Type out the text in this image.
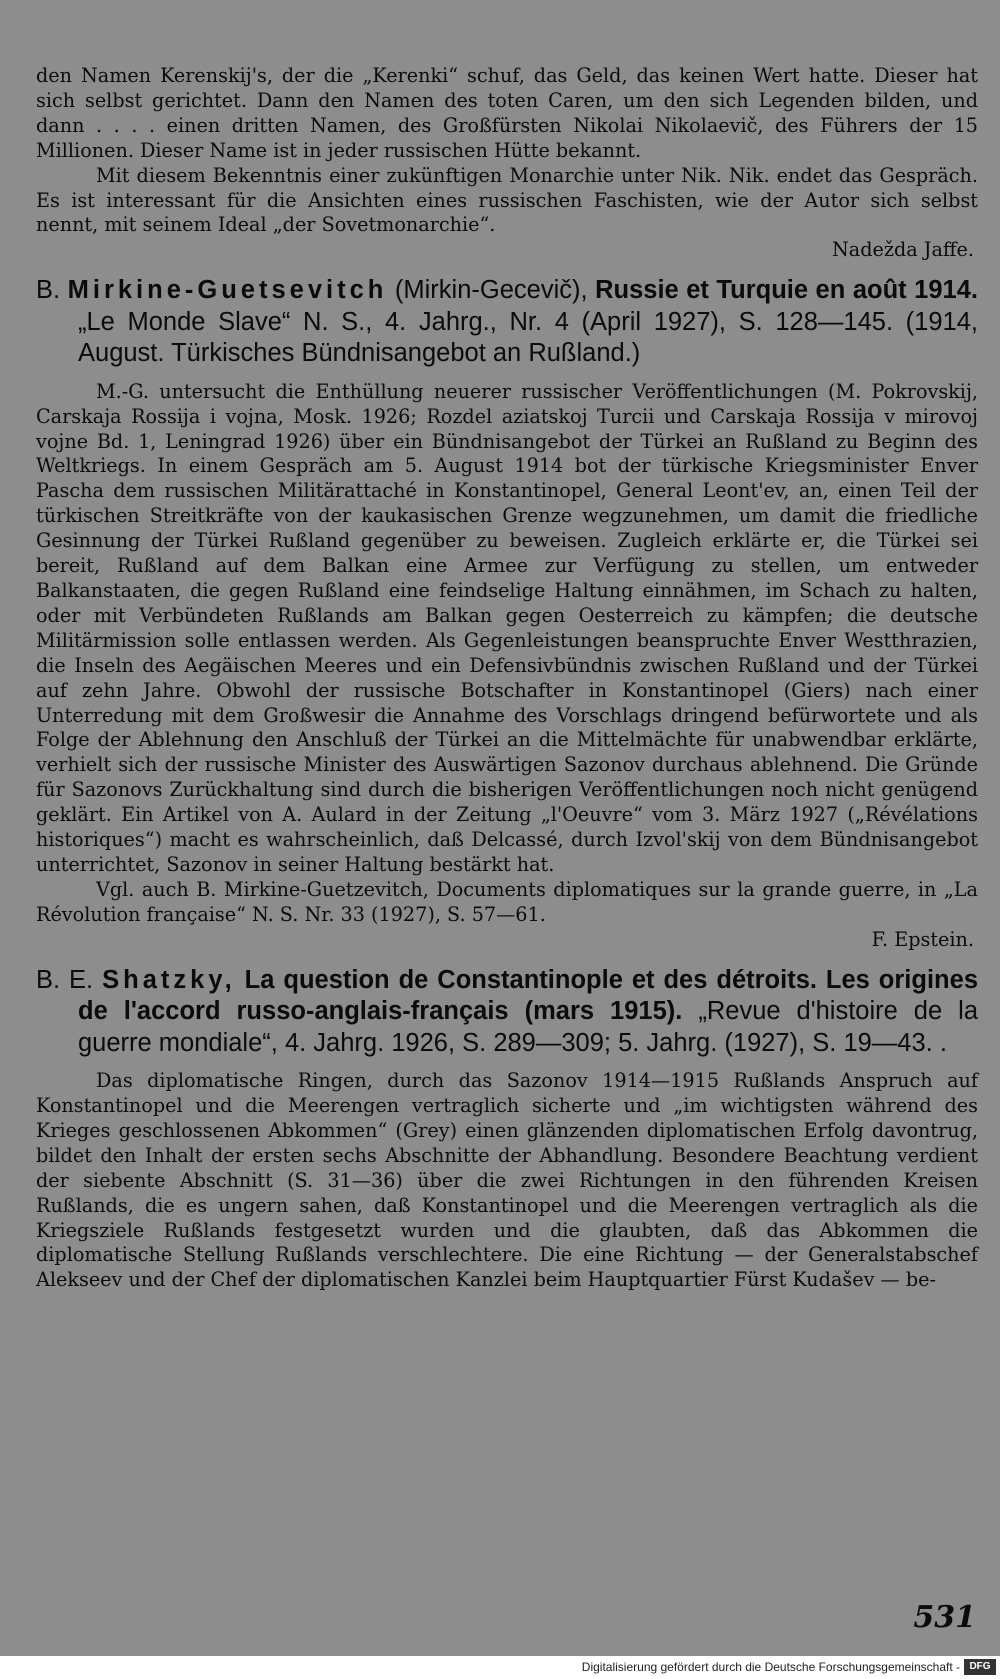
den Namen Kerenskij's, der die „Kerenki“ schuf, das Geld, das keinen Wert hatte. Dieser hat sich selbst gerichtet. Dann den Namen des toten Caren, um den sich Legenden bilden, und dann . . . . einen dritten Namen, des Großfürsten Nikolai Nikolaevič, des Führers der 15 Millionen. Dieser Name ist in jeder russischen Hütte bekannt.

Mit diesem Bekenntnis einer zukünftigen Monarchie unter Nik. Nik. endet das Gespräch. Es ist interessant für die Ansichten eines russischen Faschisten, wie der Autor sich selbst nennt, mit seinem Ideal „der Sovetmonarchie“.

Nadežda Jaffe.

B. Mirkine-Guetsevitch (Mirkin-Gecevič), Russie et Turquie en août 1914. „Le Monde Slave“ N. S., 4. Jahrg., Nr. 4 (April 1927), S. 128—145. (1914, August. Türkisches Bündnisangebot an Rußland.)

M.-G. untersucht die Enthüllung neuerer russischer Veröffentlichungen (M. Pokrovskij, Carskaja Rossija i vojna, Mosk. 1926; Rozdel aziatskoj Turcii und Carskaja Rossija v mirovoj vojne Bd. 1, Leningrad 1926) über ein Bündnisangebot der Türkei an Rußland zu Beginn des Weltkriegs. In einem Gespräch am 5. August 1914 bot der türkische Kriegsminister Enver Pascha dem russischen Militärattaché in Konstantinopel, General Leont'ev, an, einen Teil der türkischen Streitkräfte von der kaukasischen Grenze wegzunehmen, um damit die friedliche Gesinnung der Türkei Rußland gegenüber zu beweisen. Zugleich erklärte er, die Türkei sei bereit, Rußland auf dem Balkan eine Armee zur Verfügung zu stellen, um entweder Balkanstaaten, die gegen Rußland eine feindselige Haltung einnähmen, im Schach zu halten, oder mit Verbündeten Rußlands am Balkan gegen Oesterreich zu kämpfen; die deutsche Militärmission solle entlassen werden. Als Gegenleistungen beanspruchte Enver Westthrazien, die Inseln des Aegäischen Meeres und ein Defensivbündnis zwischen Rußland und der Türkei auf zehn Jahre. Obwohl der russische Botschafter in Konstantinopel (Giers) nach einer Unterredung mit dem Großwesir die Annahme des Vorschlags dringend befürwortete und als Folge der Ablehnung den Anschluß der Türkei an die Mittelmächte für unabwendbar erklärte, verhielt sich der russische Minister des Auswärtigen Sazonov durchaus ablehnend. Die Gründe für Sazonovs Zurückhaltung sind durch die bisherigen Veröffentlichungen noch nicht genügend geklärt. Ein Artikel von A. Aulard in der Zeitung „l'Oeuvre“ vom 3. März 1927 („Révélations historiques“) macht es wahrscheinlich, daß Delcassé, durch Izvol'skij von dem Bündnisangebot unterrichtet, Sazonov in seiner Haltung bestärkt hat.

Vgl. auch B. Mirkine-Guetzevitch, Documents diplomatiques sur la grande guerre, in „La Révolution française“ N. S. Nr. 33 (1927), S. 57—61.

F. Epstein.

B. E. Shatzky, La question de Constantinople et des détroits. Les origines de l'accord russo-anglais-français (mars 1915). „Revue d'histoire de la guerre mondiale“, 4. Jahrg. 1926, S. 289—309; 5. Jahrg. (1927), S. 19—43. .

Das diplomatische Ringen, durch das Sazonov 1914—1915 Rußlands Anspruch auf Konstantinopel und die Meerengen vertraglich sicherte und „im wichtigsten während des Krieges geschlossenen Abkommen“ (Grey) einen glänzenden diplomatischen Erfolg davontrug, bildet den Inhalt der ersten sechs Abschnitte der Abhandlung. Besondere Beachtung verdient der siebente Abschnitt (S. 31—36) über die zwei Richtungen in den führenden Kreisen Rußlands, die es ungern sahen, daß Konstantinopel und die Meerengen vertraglich als die Kriegsziele Rußlands festgesetzt wurden und die glaubten, daß das Abkommen die diplomatische Stellung Rußlands verschlechtere. Die eine Richtung — der Generalstabschef Alekseev und der Chef der diplomatischen Kanzlei beim Hauptquartier Fürst Kudašev — be-

531
Digitalisierung gefördert durch die Deutsche Forschungsgemeinschaft - DFG
